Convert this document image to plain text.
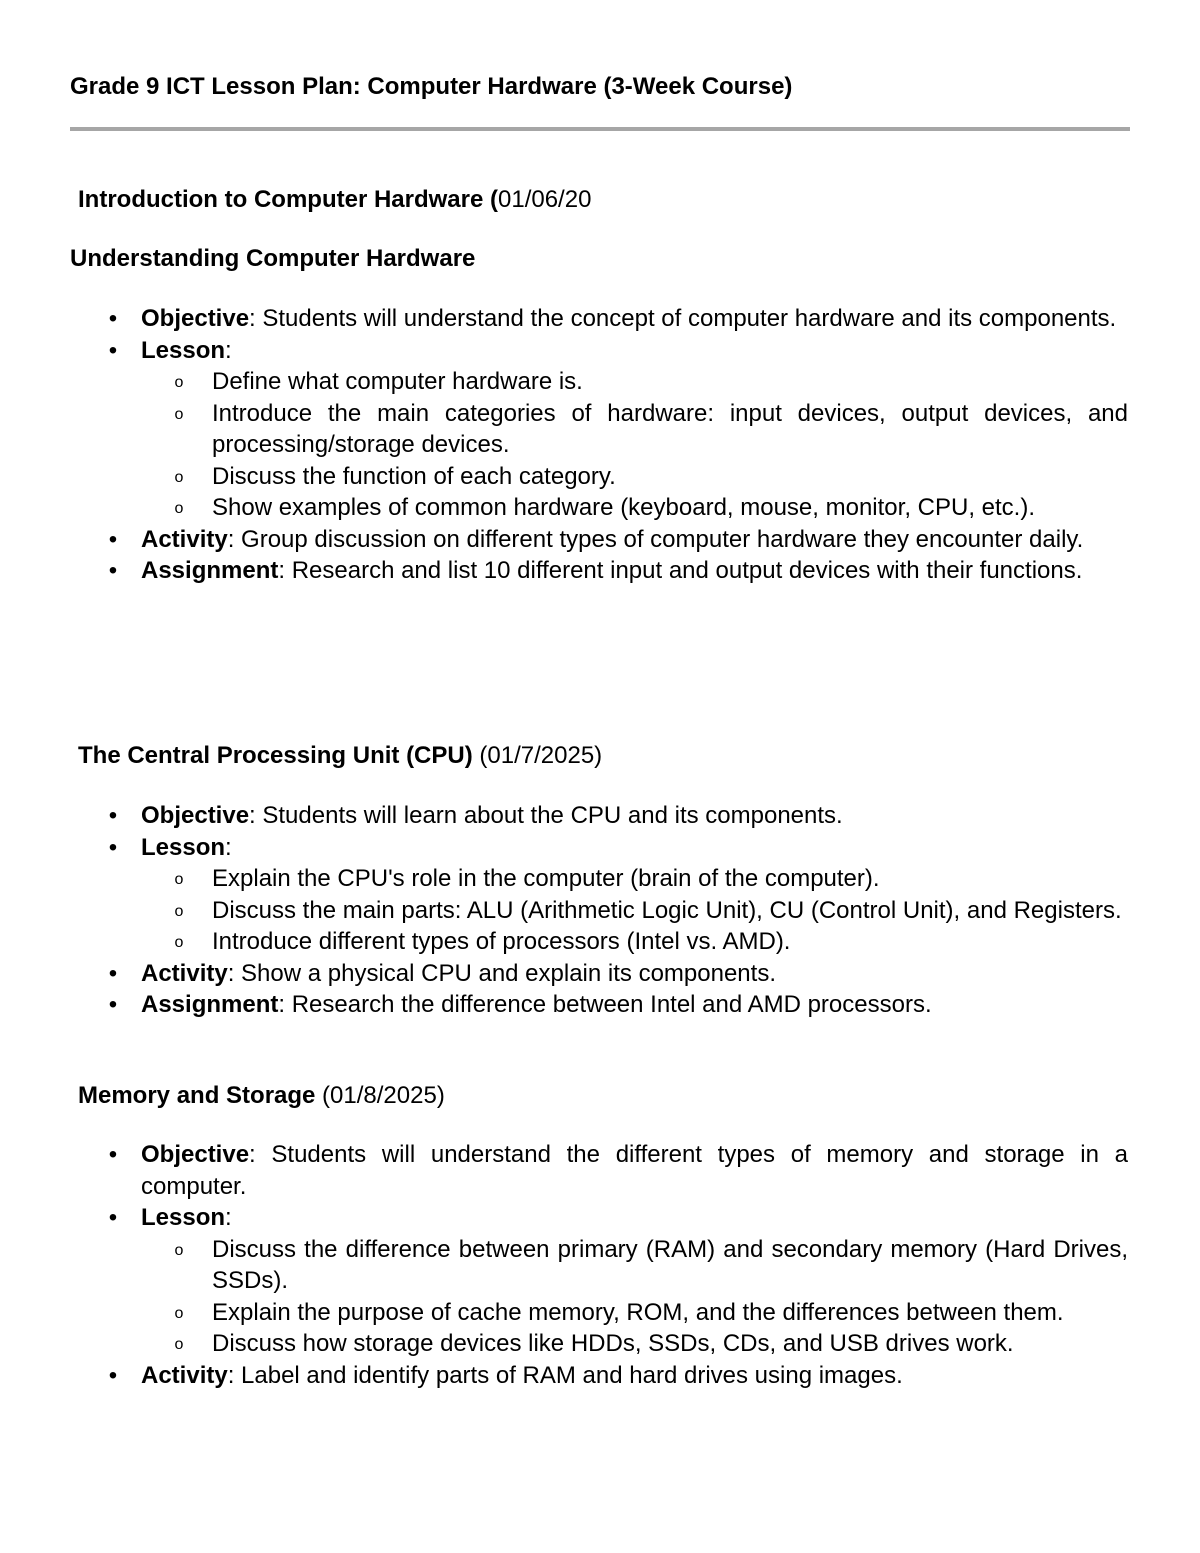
Grade 9 ICT Lesson Plan: Computer Hardware (3-Week Course)
Introduction to Computer Hardware (01/06/20
Understanding Computer Hardware
• Objective: Students will understand the concept of computer hardware and its components.
• Lesson:
o Define what computer hardware is.
o Introduce the main categories of hardware: input devices, output devices, and processing/storage devices.
o Discuss the function of each category.
o Show examples of common hardware (keyboard, mouse, monitor, CPU, etc.).
• Activity: Group discussion on different types of computer hardware they encounter daily.
• Assignment: Research and list 10 different input and output devices with their functions.
The Central Processing Unit (CPU) (01/7/2025)
• Objective: Students will learn about the CPU and its components.
• Lesson:
o Explain the CPU's role in the computer (brain of the computer).
o Discuss the main parts: ALU (Arithmetic Logic Unit), CU (Control Unit), and Registers.
o Introduce different types of processors (Intel vs. AMD).
• Activity: Show a physical CPU and explain its components.
• Assignment: Research the difference between Intel and AMD processors.
Memory and Storage (01/8/2025)
• Objective: Students will understand the different types of memory and storage in a computer.
• Lesson:
o Discuss the difference between primary (RAM) and secondary memory (Hard Drives, SSDs).
o Explain the purpose of cache memory, ROM, and the differences between them.
o Discuss how storage devices like HDDs, SSDs, CDs, and USB drives work.
• Activity: Label and identify parts of RAM and hard drives using images.
